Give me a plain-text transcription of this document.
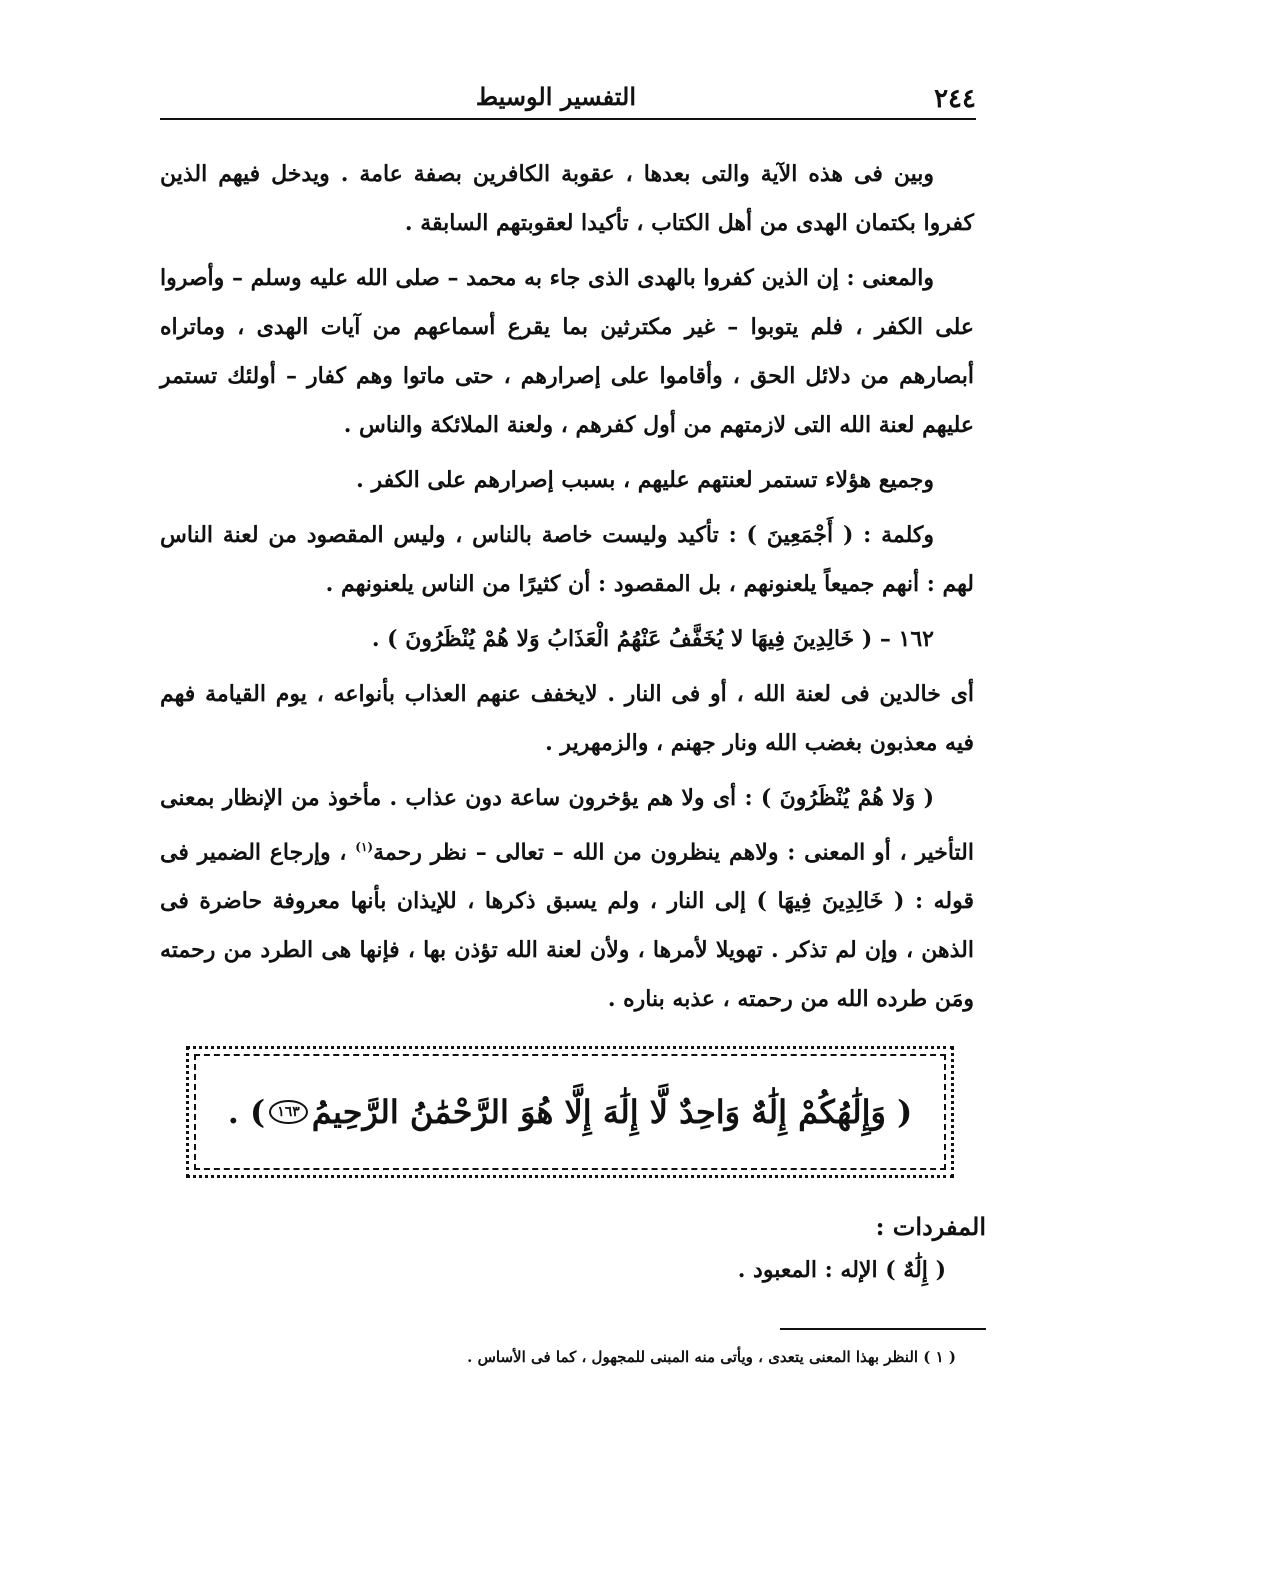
٢٤٤
التفسير الوسيط

وبين فى هذه الآية والتى بعدها ، عقوبة الكافرين بصفة عامة . ويدخل فيهم الذين كفروا بكتمان الهدى من أهل الكتاب ، تأكيدا لعقوبتهم السابقة .

والمعنى : إن الذين كفروا بالهدى الذى جاء به محمد – صلى الله عليه وسلم – وأصروا على الكفر ، فلم يتوبوا – غير مكترثين بما يقرع أسماعهم من آيات الهدى ، وماتراه أبصارهم من دلائل الحق ، وأقاموا على إصرارهم ، حتى ماتوا وهم كفار – أولئك تستمر عليهم لعنة الله التى لازمتهم من أول كفرهم ، ولعنة الملائكة والناس .

وجميع هؤلاء تستمر لعنتهم عليهم ، بسبب إصرارهم على الكفر .

وكلمة : ( أَجْمَعِينَ ) : تأكيد وليست خاصة بالناس ، وليس المقصود من لعنة الناس لهم : أنهم جميعاً يلعنونهم ، بل المقصود : أن كثيرًا من الناس يلعنونهم .

١٦٢ – ( خَالِدِينَ فِيهَا لا يُخَفَّفُ عَنْهُمُ الْعَذَابُ وَلا هُمْ يُنْظَرُونَ ) .

أى خالدين فى لعنة الله ، أو فى النار . لايخفف عنهم العذاب بأنواعه ، يوم القيامة فهم فيه معذبون بغضب الله ونار جهنم ، والزمهرير .

( وَلا هُمْ يُنْظَرُونَ ) : أى ولا هم يؤخرون ساعة دون عذاب . مأخوذ من الإنظار بمعنى التأخير ، أو المعنى : ولاهم ينظرون من الله – تعالى – نظر رحمة$^{(١)}$ ، وإرجاع الضمير فى قوله : ( خَالِدِينَ فِيهَا ) إلى النار ، ولم يسبق ذكرها ، للإيذان بأنها معروفة حاضرة فى الذهن ، وإن لم تذكر . تهويلا لأمرها ، ولأن لعنة الله تؤذن بها ، فإنها هى الطرد من رحمته ومَن طرده الله من رحمته ، عذبه بناره .

( وَإِلَٰهُكُمْ إِلَٰهٌ وَاحِدٌ لَّا إِلَٰهَ إِلَّا هُوَ الرَّحْمَٰنُ الرَّحِيمُ
١٦٣
) .

المفردات :

( إِلَٰهٌ ) الإله : المعبود .

( ١ ) النظر بهذا المعنى يتعدى ، ويأتى منه المبنى للمجهول ، كما فى الأساس .
